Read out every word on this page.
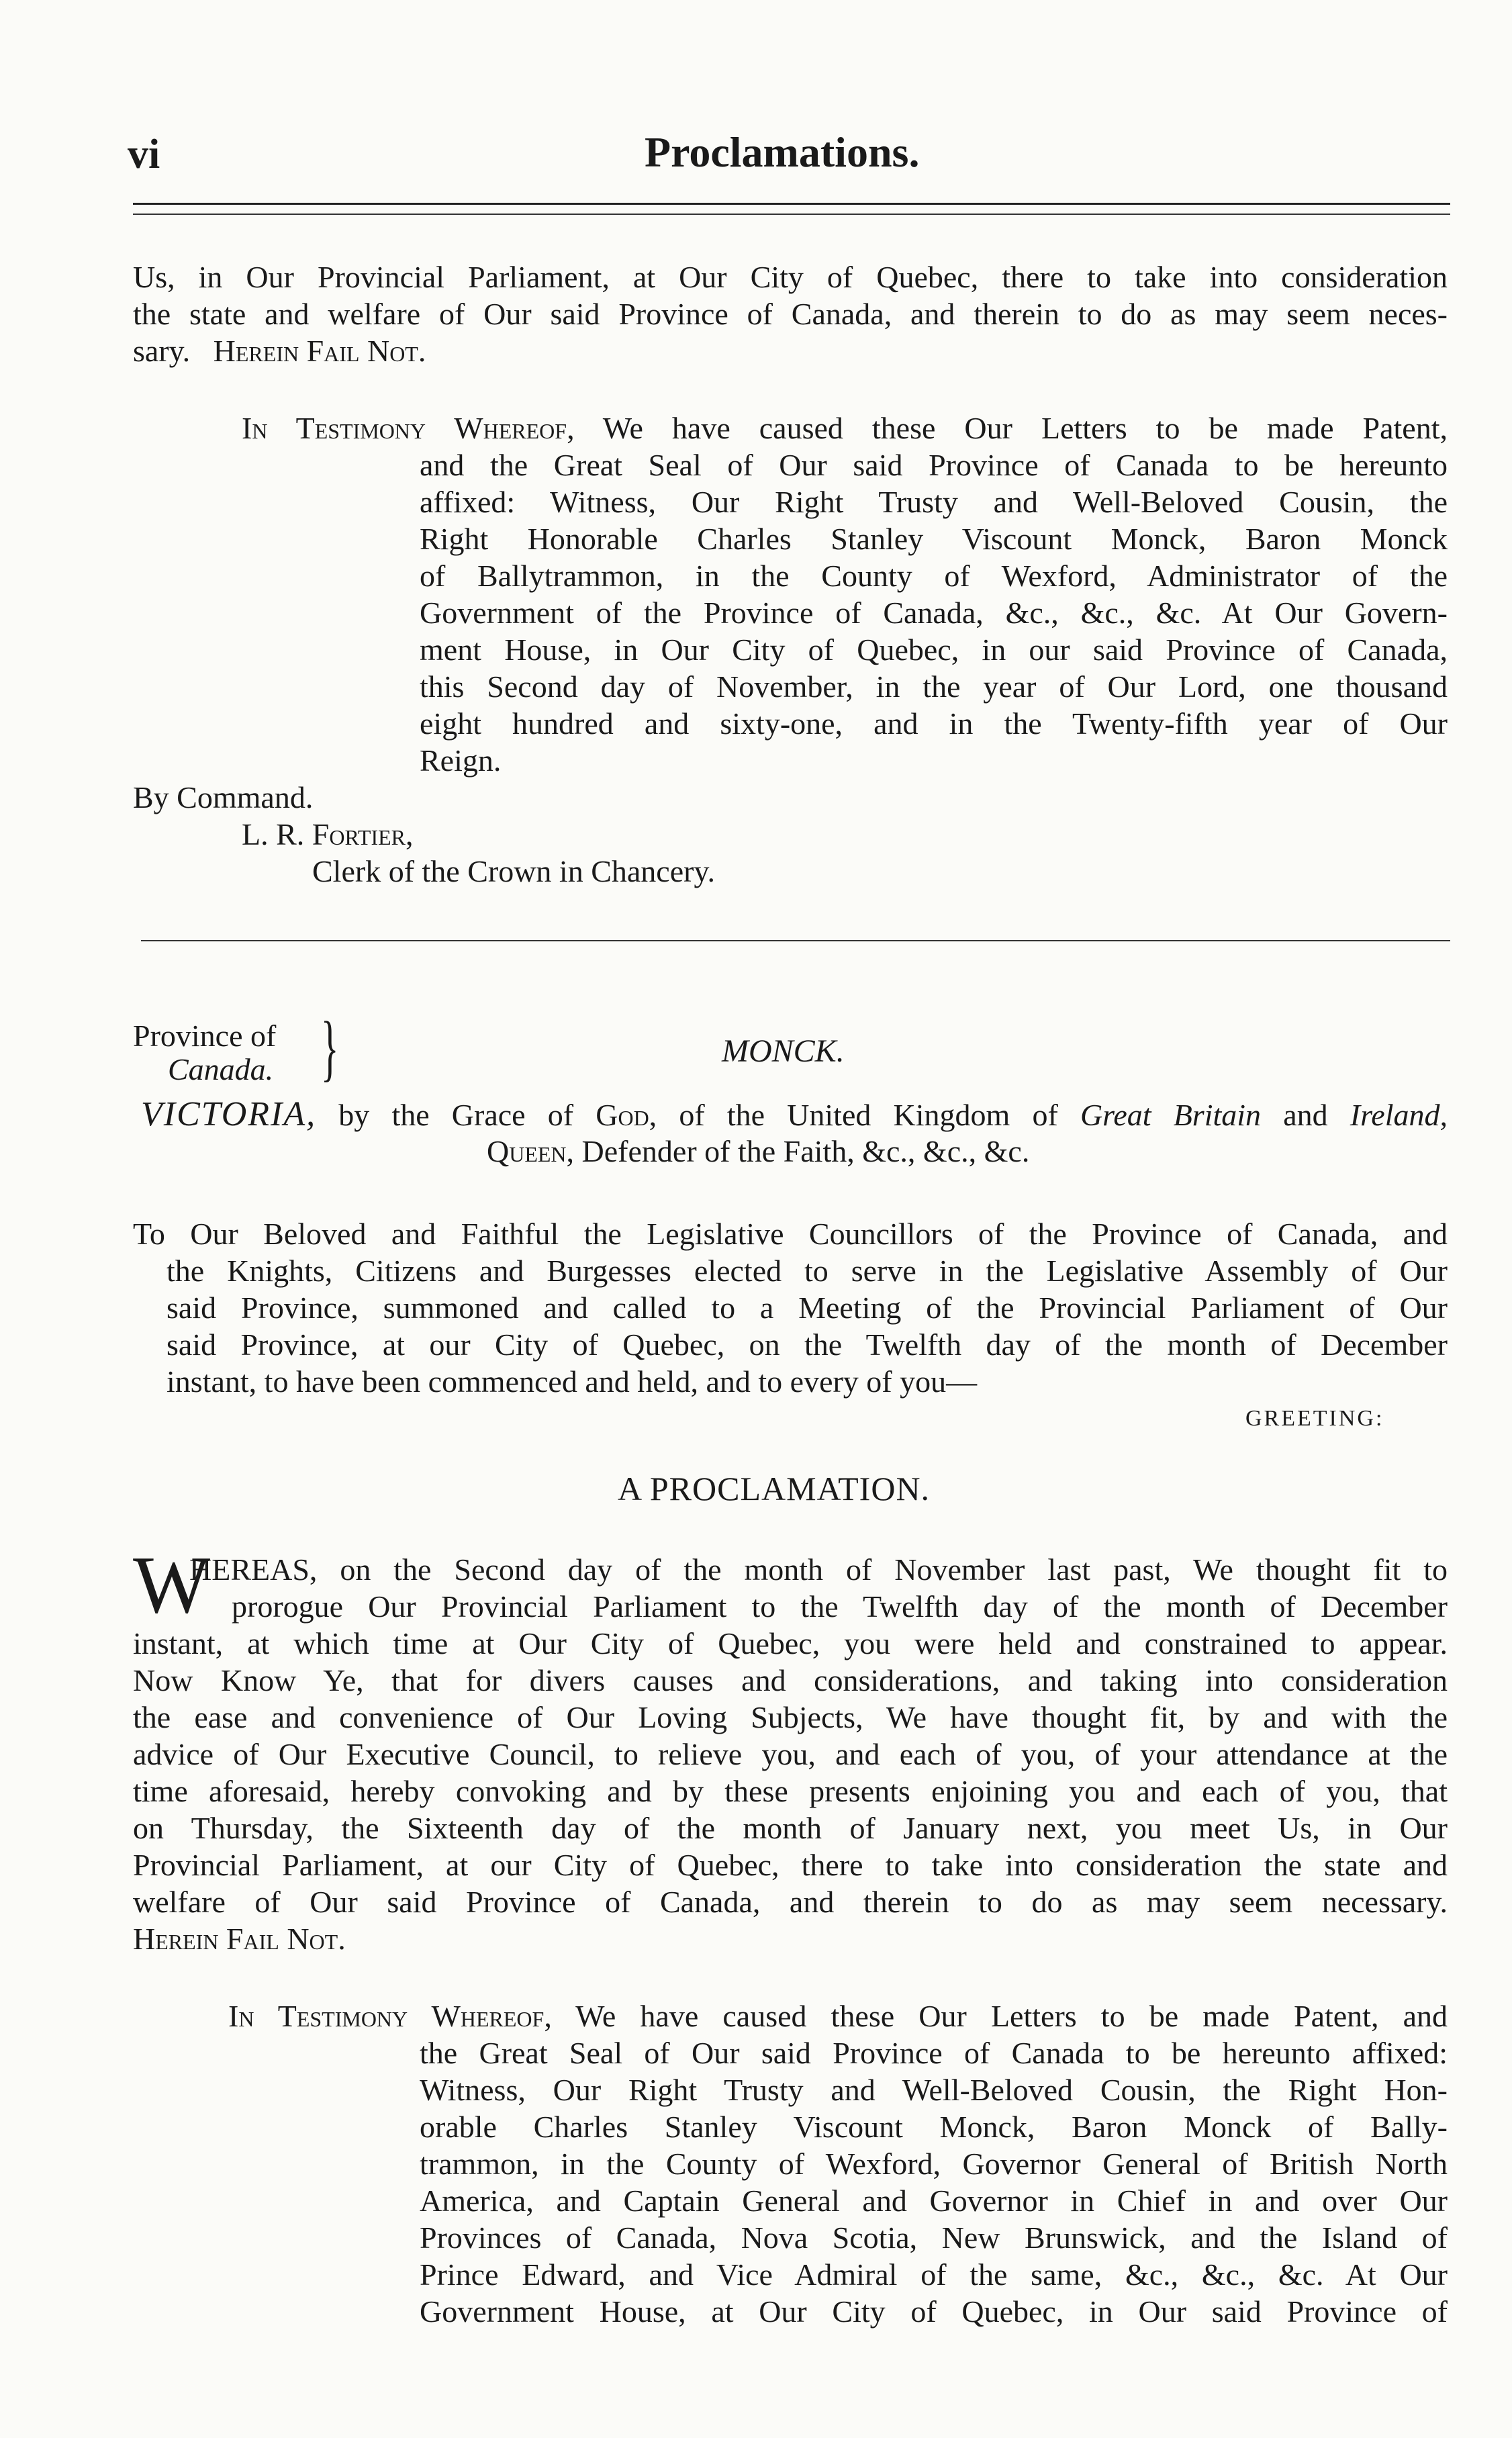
vi	Proclamations.
Us, in Our Provincial Parliament, at Our City of Quebec, there to take into consideration
the state and welfare of Our said Province of Canada, and therein to do as may seem neces-
sary. Herein Fail Not.
In Testimony Whereof, We have caused these Our Letters to be made Patent,
and the Great Seal of Our said Province of Canada to be hereunto
affixed: Witness, Our Right Trusty and Well-Beloved Cousin, the
Right Honorable Charles Stanley Viscount Monck, Baron Monck
of Ballytrammon, in the County of Wexford, Administrator of the
Government of the Province of Canada, &c., &c., &c. At Our Govern-
ment House, in Our City of Quebec, in our said Province of Canada,
this Second day of November, in the year of Our Lord, one thousand
eight hundred and sixty-one, and in the Twenty-fifth year of Our
Reign.
By Command.
L. R. Fortier,
Clerk of the Crown in Chancery.
Province of
Canada. }	MONCK.
VICTORIA, by the Grace of God, of the United Kingdom of Great Britain and Ireland,
Queen, Defender of the Faith, &c., &c., &c.
To Our Beloved and Faithful the Legislative Councillors of the Province of Canada, and
the Knights, Citizens and Burgesses elected to serve in the Legislative Assembly of Our
said Province, summoned and called to a Meeting of the Provincial Parliament of Our
said Province, at our City of Quebec, on the Twelfth day of the month of December
instant, to have been commenced and held, and to every of you—
GREETING:
A PROCLAMATION.
W
HEREAS, on the Second day of the month of November last past, We thought fit to
prorogue Our Provincial Parliament to the Twelfth day of the month of December
instant, at which time at Our City of Quebec, you were held and constrained to appear.
Now Know Ye, that for divers causes and considerations, and taking into consideration
the ease and convenience of Our Loving Subjects, We have thought fit, by and with the
advice of Our Executive Council, to relieve you, and each of you, of your attendance at the
time aforesaid, hereby convoking and by these presents enjoining you and each of you, that
on Thursday, the Sixteenth day of the month of January next, you meet Us, in Our
Provincial Parliament, at our City of Quebec, there to take into consideration the state and
welfare of Our said Province of Canada, and therein to do as may seem necessary.
Herein Fail Not.
In Testimony Whereof, We have caused these Our Letters to be made Patent, and
the Great Seal of Our said Province of Canada to be hereunto affixed:
Witness, Our Right Trusty and Well-Beloved Cousin, the Right Hon-
orable Charles Stanley Viscount Monck, Baron Monck of Bally-
trammon, in the County of Wexford, Governor General of British North
America, and Captain General and Governor in Chief in and over Our
Provinces of Canada, Nova Scotia, New Brunswick, and the Island of
Prince Edward, and Vice Admiral of the same, &c., &c., &c. At Our
Government House, at Our City of Quebec, in Our said Province of
